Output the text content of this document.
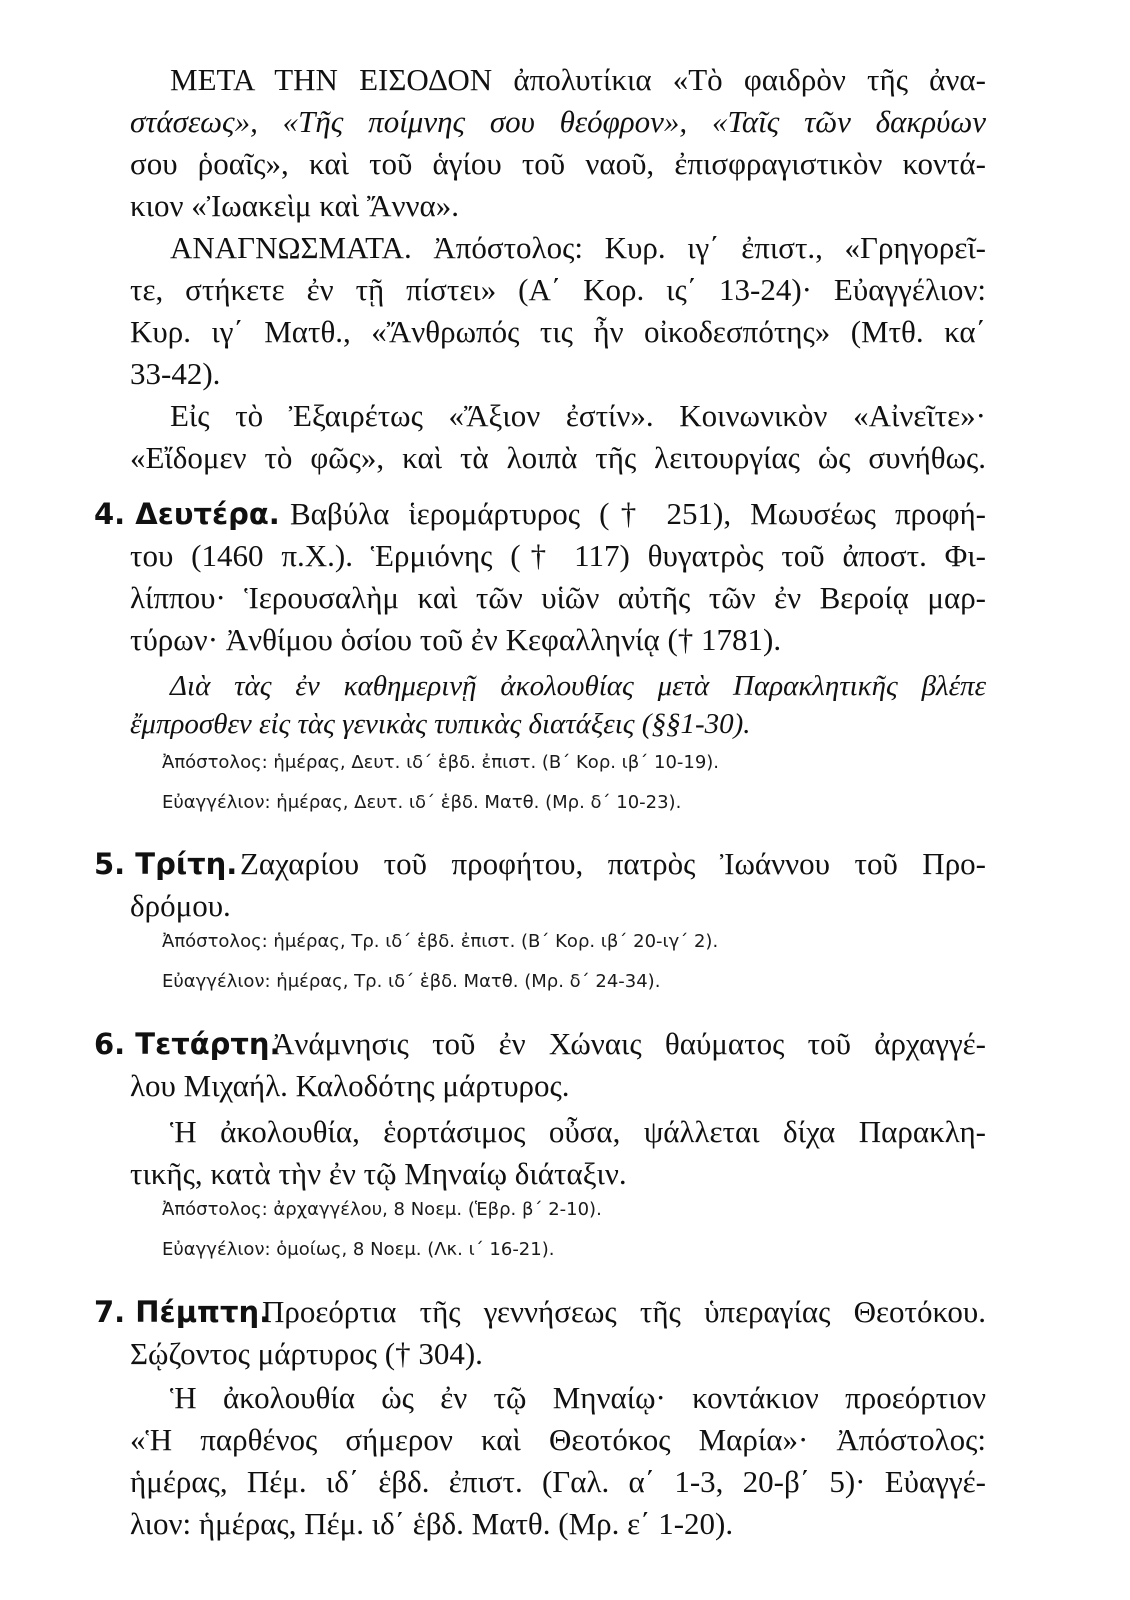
ΜΕΤΑ ΤΗΝ ΕΙΣΟΔΟΝ ἀπολυτίκια «Τὸ φαιδρὸν τῆς ἀνα-
στάσεως», «Τῆς ποίμνης σου θεόφρον», «Ταῖς τῶν δακρύων
σου ῥοαῖς», καὶ τοῦ ἁγίου τοῦ ναοῦ, ἐπισφραγιστικὸν κοντά-
κιον «Ἰωακεὶμ καὶ Ἄννα».
ΑΝΑΓΝΩΣΜΑΤΑ. Ἀπόστολος: Κυρ. ιγ΄ ἐπιστ., «Γρηγορεῖ-
τε, στήκετε ἐν τῇ πίστει» (Α΄ Κορ. ις΄ 13-24)· Εὐαγγέλιον:
Κυρ. ιγ΄ Ματθ., «Ἄνθρωπός τις ἦν οἰκοδεσπότης» (Μτθ. κα΄
33-42).
Εἰς τὸ Ἐξαιρέτως «Ἄξιον ἐστίν». Κοινωνικὸν «Αἰνεῖτε»·
«Εἴδομεν τὸ φῶς», καὶ τὰ λοιπὰ τῆς λειτουργίας ὡς συνήθως.
4. Δευτέρα. Βαβύλα ἱερομάρτυρος († 251), Μωυσέως προφή-
του (1460 π.Χ.). Ἑρμιόνης († 117) θυγατρὸς τοῦ ἀποστ. Φι-
λίππου· Ἱερουσαλὴμ καὶ τῶν υἱῶν αὐτῆς τῶν ἐν Βεροίᾳ μαρ-
τύρων· Ἀνθίμου ὁσίου τοῦ ἐν Κεφαλληνίᾳ († 1781).
Διὰ τὰς ἐν καθημερινῇ ἀκολουθίας μετὰ Παρακλητικῆς βλέπε
ἔμπροσθεν εἰς τὰς γενικὰς τυπικὰς διατάξεις (§§1-30).
Ἀπόστολος: ἡμέρας, Δευτ. ιδ΄ ἑβδ. ἐπιστ. (Β΄ Κορ. ιβ΄ 10-19).
Εὐαγγέλιον: ἡμέρας, Δευτ. ιδ΄ ἑβδ. Ματθ. (Μρ. δ΄ 10-23).
5. Τρίτη. Ζαχαρίου τοῦ προφήτου, πατρὸς Ἰωάννου τοῦ Προ-
δρόμου.
Ἀπόστολος: ἡμέρας, Τρ. ιδ΄ ἑβδ. ἐπιστ. (Β΄ Κορ. ιβ΄ 20-ιγ΄ 2).
Εὐαγγέλιον: ἡμέρας, Τρ. ιδ΄ ἑβδ. Ματθ. (Μρ. δ΄ 24-34).
6. Τετάρτη.
Ἀνάμνησις τοῦ ἐν Χώναις θαύματος τοῦ ἀρχαγγέ-
λου Μιχαήλ. Καλοδότης μάρτυρος.
Ἡ ἀκολουθία, ἑορτάσιμος οὖσα, ψάλλεται δίχα Παρακλη-
τικῆς, κατὰ τὴν ἐν τῷ Μηναίῳ διάταξιν.
Ἀπόστολος: ἀρχαγγέλου, 8 Νοεμ. (Ἑβρ. β΄ 2-10).
Εὐαγγέλιον: ὁμοίως, 8 Νοεμ. (Λκ. ι΄ 16-21).
7. Πέμπτη.
Προεόρτια τῆς γεννήσεως τῆς ὑπεραγίας Θεοτόκου.
Σῴζοντος μάρτυρος († 304).
Ἡ ἀκολουθία ὡς ἐν τῷ Μηναίῳ· κοντάκιον προεόρτιον
«Ἡ παρθένος σήμερον καὶ Θεοτόκος Μαρία»· Ἀπόστολος:
ἡμέρας, Πέμ. ιδ΄ ἑβδ. ἐπιστ. (Γαλ. α΄ 1-3, 20-β΄ 5)· Εὐαγγέ-
λιον: ἡμέρας, Πέμ. ιδ΄ ἑβδ. Ματθ. (Μρ. ε΄ 1-20).
